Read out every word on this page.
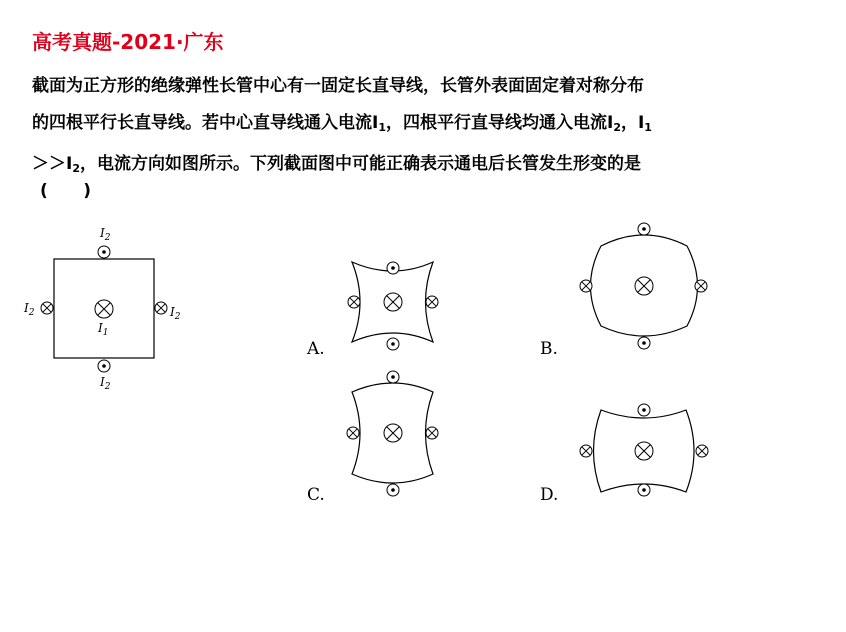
高考真题-2021·广东
截面为正方形的绝缘弹性长管中心有一固定长直导线，长管外表面固定着对称分布
的四根平行长直导线。若中心直导线通入电流$I_1$，四根平行直导线均通入电流$I_2$，$I_1$
$>>I_2$，电流方向如图所示。下列截面图中可能正确表示通电后长管发生形变的是
(      )
$I_2$
$I_2$	$I_2$
$I_1$
$I_2$
A.	B.
C.	D.
